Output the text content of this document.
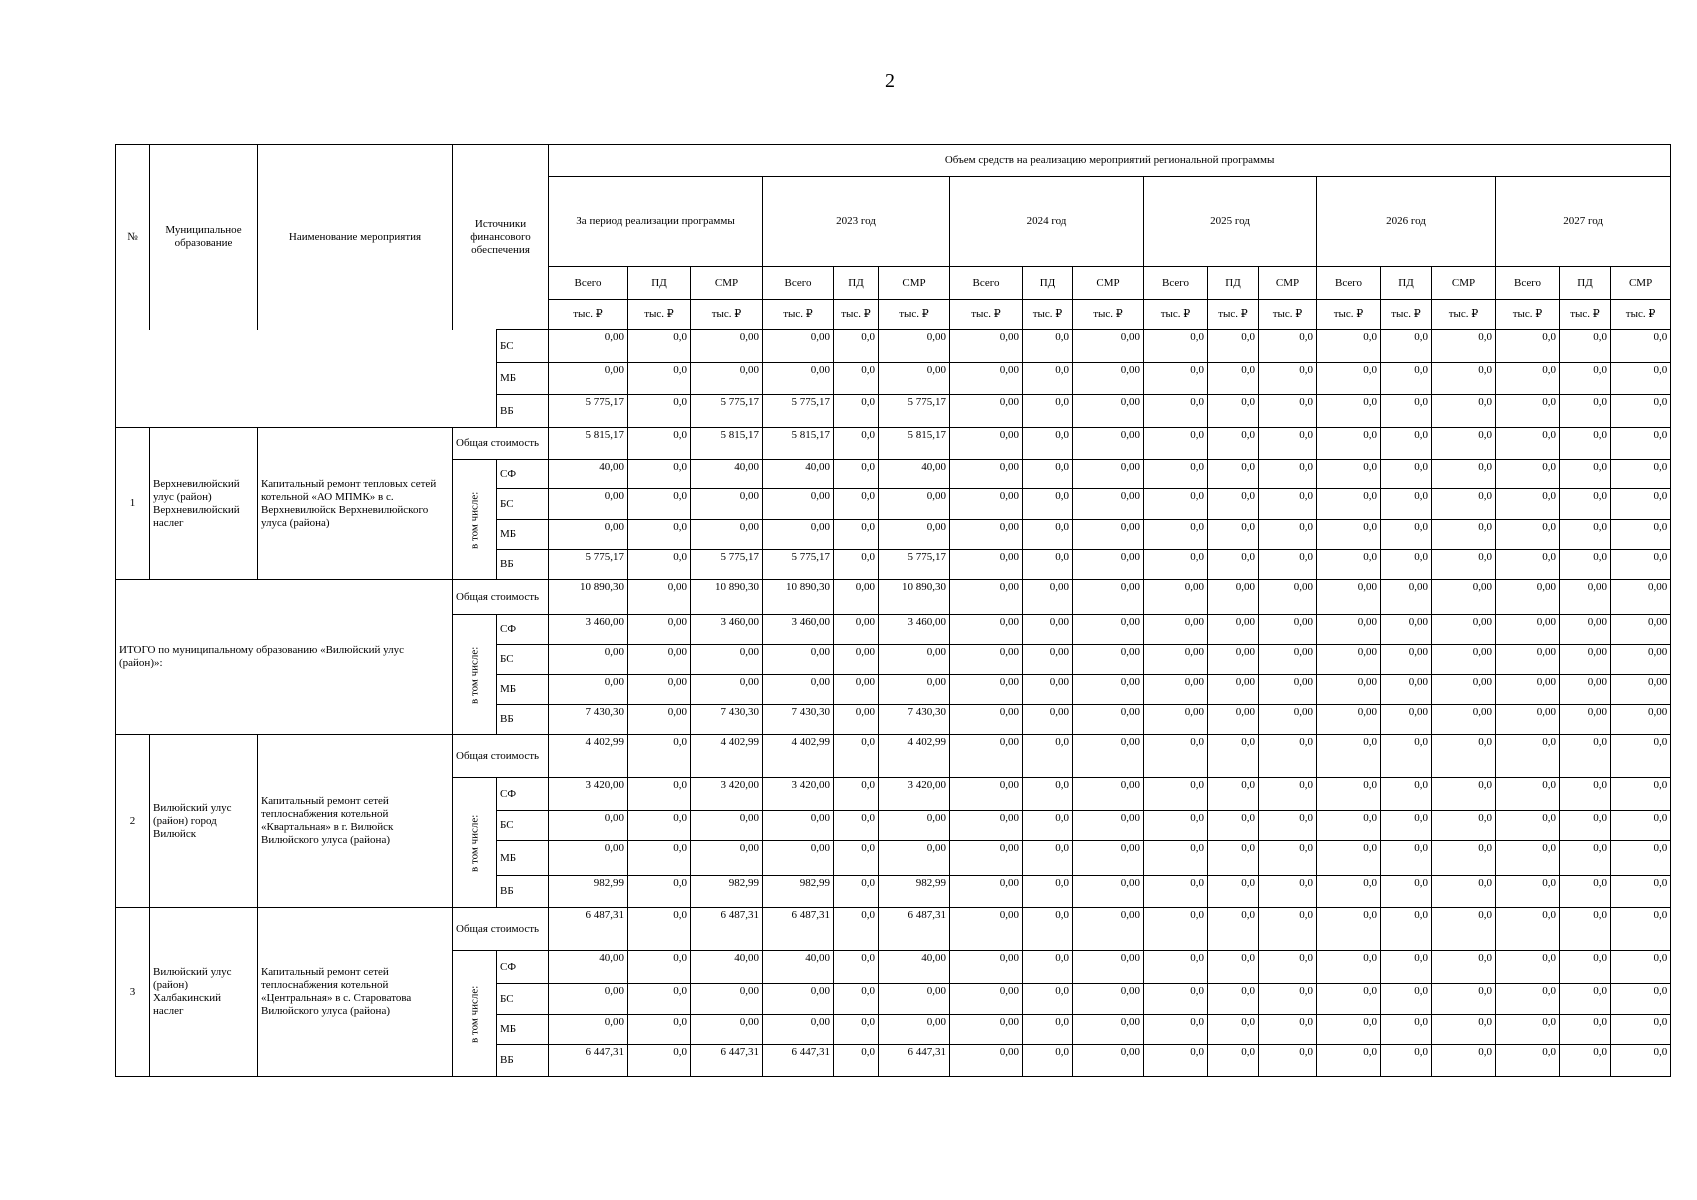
2
№	Муниципальное образование	Наименование мероприятия	Источники финансового обеспечения		Объем средств на реализацию мероприятий региональной программы																	
					За период реализации программы			2023 год			2024 год			2025 год			2026 год			2027 год		
					Всего	ПД	СМР	Всего	ПД	СМР	Всего	ПД	СМР	Всего	ПД	СМР	Всего	ПД	СМР	Всего	ПД	СМР
					тыс. ₽	тыс. ₽	тыс. ₽	тыс. ₽	тыс. ₽	тыс. ₽	тыс. ₽	тыс. ₽	тыс. ₽	тыс. ₽	тыс. ₽	тыс. ₽	тыс. ₽	тыс. ₽	тыс. ₽	тыс. ₽	тыс. ₽	тыс. ₽

				БС	0,00	0,0	0,00	0,00	0,0	0,00	0,00	0,0	0,00	0,0	0,0	0,0	0,0	0,0	0,0	0,0	0,0	0,0
				МБ	0,00	0,0	0,00	0,00	0,0	0,00	0,00	0,0	0,00	0,0	0,0	0,0	0,0	0,0	0,0	0,0	0,0	0,0
				ВБ	5 775,17	0,0	5 775,17	5 775,17	0,0	5 775,17	0,00	0,0	0,00	0,0	0,0	0,0	0,0	0,0	0,0	0,0	0,0	0,0
1	Верхневилюйский улус (район) Верхневилюйский наслег	Капитальный ремонт тепловых сетей котельной «АО МПМК» в с. Верхневилюйск Верхневилюйского улуса (района)	Общая стоимость		5 815,17	0,0	5 815,17	5 815,17	0,0	5 815,17	0,00	0,0	0,00	0,0	0,0	0,0	0,0	0,0	0,0	0,0	0,0	0,0
			в том числе:	СФ	40,00	0,0	40,00	40,00	0,0	40,00	0,00	0,0	0,00	0,0	0,0	0,0	0,0	0,0	0,0	0,0	0,0	0,0
				БС	0,00	0,0	0,00	0,00	0,0	0,00	0,00	0,0	0,00	0,0	0,0	0,0	0,0	0,0	0,0	0,0	0,0	0,0
				МБ	0,00	0,0	0,00	0,00	0,0	0,00	0,00	0,0	0,00	0,0	0,0	0,0	0,0	0,0	0,0	0,0	0,0	0,0
				ВБ	5 775,17	0,0	5 775,17	5 775,17	0,0	5 775,17	0,00	0,0	0,00	0,0	0,0	0,0	0,0	0,0	0,0	0,0	0,0	0,0
ИТОГО по муниципальному образованию «Вилюйский улус (район)»:			Общая стоимость		10 890,30	0,00	10 890,30	10 890,30	0,00	10 890,30	0,00	0,00	0,00	0,00	0,00	0,00	0,00	0,00	0,00	0,00	0,00	0,00
			в том числе:	СФ	3 460,00	0,00	3 460,00	3 460,00	0,00	3 460,00	0,00	0,00	0,00	0,00	0,00	0,00	0,00	0,00	0,00	0,00	0,00	0,00
				БС	0,00	0,00	0,00	0,00	0,00	0,00	0,00	0,00	0,00	0,00	0,00	0,00	0,00	0,00	0,00	0,00	0,00	0,00
				МБ	0,00	0,00	0,00	0,00	0,00	0,00	0,00	0,00	0,00	0,00	0,00	0,00	0,00	0,00	0,00	0,00	0,00	0,00
				ВБ	7 430,30	0,00	7 430,30	7 430,30	0,00	7 430,30	0,00	0,00	0,00	0,00	0,00	0,00	0,00	0,00	0,00	0,00	0,00	0,00
2	Вилюйский улус (район) город Вилюйск	Капитальный ремонт сетей теплоснабжения котельной «Квартальная» в г. Вилюйск Вилюйского улуса (района)	Общая стоимость		4 402,99	0,0	4 402,99	4 402,99	0,0	4 402,99	0,00	0,0	0,00	0,0	0,0	0,0	0,0	0,0	0,0	0,0	0,0	0,0
			в том числе:	СФ	3 420,00	0,0	3 420,00	3 420,00	0,0	3 420,00	0,00	0,0	0,00	0,0	0,0	0,0	0,0	0,0	0,0	0,0	0,0	0,0
				БС	0,00	0,0	0,00	0,00	0,0	0,00	0,00	0,0	0,00	0,0	0,0	0,0	0,0	0,0	0,0	0,0	0,0	0,0
				МБ	0,00	0,0	0,00	0,00	0,0	0,00	0,00	0,0	0,00	0,0	0,0	0,0	0,0	0,0	0,0	0,0	0,0	0,0
				ВБ	982,99	0,0	982,99	982,99	0,0	982,99	0,00	0,0	0,00	0,0	0,0	0,0	0,0	0,0	0,0	0,0	0,0	0,0
3	Вилюйский улус (район) Халбакинский наслег	Капитальный ремонт сетей теплоснабжения котельной «Центральная» в с. Староватова Вилюйского улуса (района)	Общая стоимость		6 487,31	0,0	6 487,31	6 487,31	0,0	6 487,31	0,00	0,0	0,00	0,0	0,0	0,0	0,0	0,0	0,0	0,0	0,0	0,0
			в том числе:	СФ	40,00	0,0	40,00	40,00	0,0	40,00	0,00	0,0	0,00	0,0	0,0	0,0	0,0	0,0	0,0	0,0	0,0	0,0
				БС	0,00	0,0	0,00	0,00	0,0	0,00	0,00	0,0	0,00	0,0	0,0	0,0	0,0	0,0	0,0	0,0	0,0	0,0
				МБ	0,00	0,0	0,00	0,00	0,0	0,00	0,00	0,0	0,00	0,0	0,0	0,0	0,0	0,0	0,0	0,0	0,0	0,0
				ВБ	6 447,31	0,0	6 447,31	6 447,31	0,0	6 447,31	0,00	0,0	0,00	0,0	0,0	0,0	0,0	0,0	0,0	0,0	0,0	0,0
